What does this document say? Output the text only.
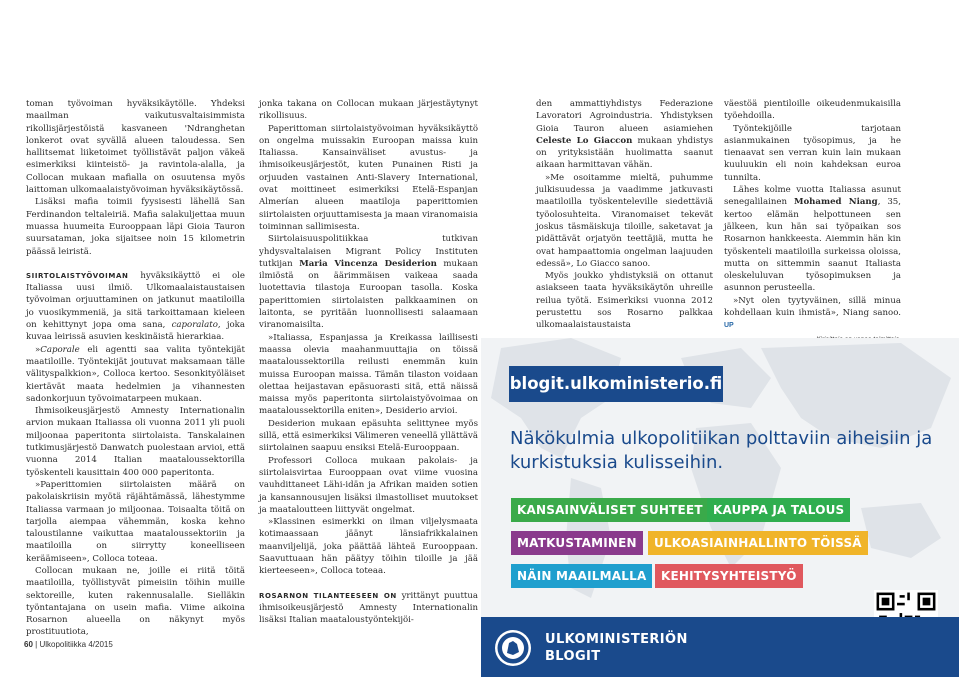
toman työvoiman hyväksikäytölle. Yhdeksi maailman vaikutusvaltaisimmista rikollisjärjestöistä kasvaneen 'Ndranghetan lonkerot ovat syvällä alueen taloudessa. Sen hallitsemat liiketoimet työllistävät paljon väkeä esimerkiksi kiinteistö- ja ravintola-alalla, ja Collocan mukaan mafialla on osuutensa myös laittoman ulkomaalaistyövoiman hyväksikäytössä.

Lisäksi mafia toimii fyysisesti lähellä San Ferdinandon teltaleiriä. Mafia salakuljettaa muun muassa huumeita Eurooppaan läpi Gioia Tauron suursataman, joka sijaitsee noin 15 kilometrin päässä leiristä.

SIIRTOLAISTYÖVOIMAN hyväksikäyttö ei ole Italiassa uusi ilmiö. Ulkomaalaistaustaisen työvoiman orjuuttaminen on jatkunut maatiloilla jo vuosikymmeniä, ja sitä tarkoittamaan kieleen on kehittynyt jopa oma sana, caporalato, joka kuvaa leirissä asuvien keskinäistä hierarkiaa.

»Caporale eli agentti saa valita työntekijät maatiloille. Työntekijät joutuvat maksamaan tälle välityspalkkion», Colloca kertoo. Sesonkityöläiset kiertävät maata hedelmien ja vihannesten sadonkorjuun työvoimatarpeen mukaan.

Ihmisoikeusjärjestö Amnesty Internationalin arvion mukaan Italiassa oli vuonna 2011 yli puoli miljoonaa paperitonta siirtolaista. Tanskalainen tutkimusjärjestö Danwatch puolestaan arvioi, että vuonna 2014 Italian maataloussektorilla työskenteli kausittain 400 000 paperitonta.

»Paperittomien siirtolaisten määrä on pakolaiskriisin myötä räjähtämässä, lähestymme Italiassa varmaan jo miljoonaa. Toisaalta töitä on tarjolla aiempaa vähemmän, koska kehno taloustilanne vaikuttaa maataloussektoriin ja maatiloilla on siirrytty koneelliseen keräämiseen», Colloca toteaa.

Collocan mukaan ne, joille ei riitä töitä maatiloilla, työllistyvät pimeisiin töihin muille sektoreille, kuten rakennusalalle. Sielläkin työntantajana on usein mafia. Viime aikoina Rosarnon alueella on näkynyt myös prostituutiota,

jonka takana on Collocan mukaan järjestäytynyt rikollisuus.

Paperittoman siirtolaistyövoiman hyväksikäyttö on ongelma muissakin Euroopan maissa kuin Italiassa. Kansainväliset avustus- ja ihmisoikeusjärjestöt, kuten Punainen Risti ja orjuuden vastainen Anti-Slavery International, ovat moittineet esimerkiksi Etelä-Espanjan Almerían alueen maatiloja paperittomien siirtolaisten orjuuttamisesta ja maan viranomaisia toiminnan sallimisesta.

Siirtolaisuuspolitiikkaa tutkivan yhdysvaltalaisen Migrant Policy Instituten tutkijan Maria Vincenza Desiderion mukaan ilmiöstä on äärimmäisen vaikeaa saada luotettavia tilastoja Euroopan tasolla. Koska paperittomien siirtolaisten palkkaaminen on laitonta, se pyritään luonnollisesti salaamaan viranomaisilta.

»Italiassa, Espanjassa ja Kreikassa laillisesti maassa olevia maahanmuuttajia on töissä maataloussektorilla reilusti enemmän kuin muissa Euroopan maissa. Tämän tilaston voidaan olettaa heijastavan epäsuorasti sitä, että näissä maissa myös paperitonta siirtolaistyövoimaa on maataloussektorilla eniten», Desiderio arvioi.

Desiderion mukaan epäsuhta selittynee myös sillä, että esimerkiksi Välimeren veneellä yllättävä siirtolainen saapuu ensiksi Etelä-Eurooppaan.

Professori Colloca mukaan pakolais- ja siirtolaisvirtaa Eurooppaan ovat viime vuosina vauhdittaneet Lähi-idän ja Afrikan maiden sotien ja kansannousujen lisäksi ilmastolliset muutokset ja maataloutteen liittyvät ongelmat.

»Klassinen esimerkki on ilman viljelysmaata kotimaassaan jäänyt länsiafrikkalainen maanviljelijä, joka päättää lähteä Eurooppaan. Saavuttuaan hän päätyy töihin tiloille ja jää kierteeseen», Colloca toteaa.

ROSARNON TILANTEESEEN ON yrittänyt puuttua ihmisoikeusjärjestö Amnesty Internationalin lisäksi Italian maataloustyöntekijöi-

den ammattiyhdistys Federazione Lavoratori Agroindustria. Yhdistyksen Gioia Tauron alueen asiamiehen Celeste Lo Giaccon mukaan yhdistys on yrityksistään huolimatta saanut aikaan harmittavan vähän.

»Me osoitamme mieltä, puhumme julkisuudessa ja vaadimme jatkuvasti maatiloilla työskenteleville siedettäviä työolosuhteita. Viranomaiset tekevät joskus täsmäiskuja tiloille, saketavat ja pidättävät orjatyön teettäjiä, mutta he ovat hampaattomia ongelman laajuuden edessä», Lo Giacco sanoo.

Myös joukko yhdistyksiä on ottanut asiakseen taata hyväksikäytön uhreille reilua työtä. Esimerkiksi vuonna 2012 perustettu sos Rosarno palkkaa ulkomaalaistaustaista

väestöä pientiloille oikeudenmukaisilla työehdoilla.

Työntekijöille tarjotaan asianmukainen työsopimus, ja he tienaavat sen verran kuin lain mukaan kuuluukin eli noin kahdeksan euroa tunnilta.

Lähes kolme vuotta Italiassa asunut senegalilainen Mohamed Niang, 35, kertoo elämän helpottuneen sen jälkeen, kun hän sai työpaikan sos Rosarnon hankkeesta. Aiemmin hän kin työskenteli maatiloilla surkeissa oloissa, mutta on sittemmin saanut Italiasta oleskeluluvan työsopimuksen ja asunnon perusteella.

»Nyt olen tyytyväinen, sillä minua kohdellaan kuin ihmistä», Niang sanoo. UP

60 | Ulkopolitiikka 4/2015
blogit.ulkoministerio.fi
Näkökulmia ulkopolitiikan polttaviin aiheisiin ja kurkistuksia kulisseihin.
KANSAINVÄLISET SUHTEET KAUPPA JA TALOUS
MATKUSTAMINEN	ULKOASIAINHALLINTO TÖISSÄ
NÄIN MAAILMALLA	KEHITYSYHTEISTYÖ
ULKOMINISTERIÖN
BLOGIT
